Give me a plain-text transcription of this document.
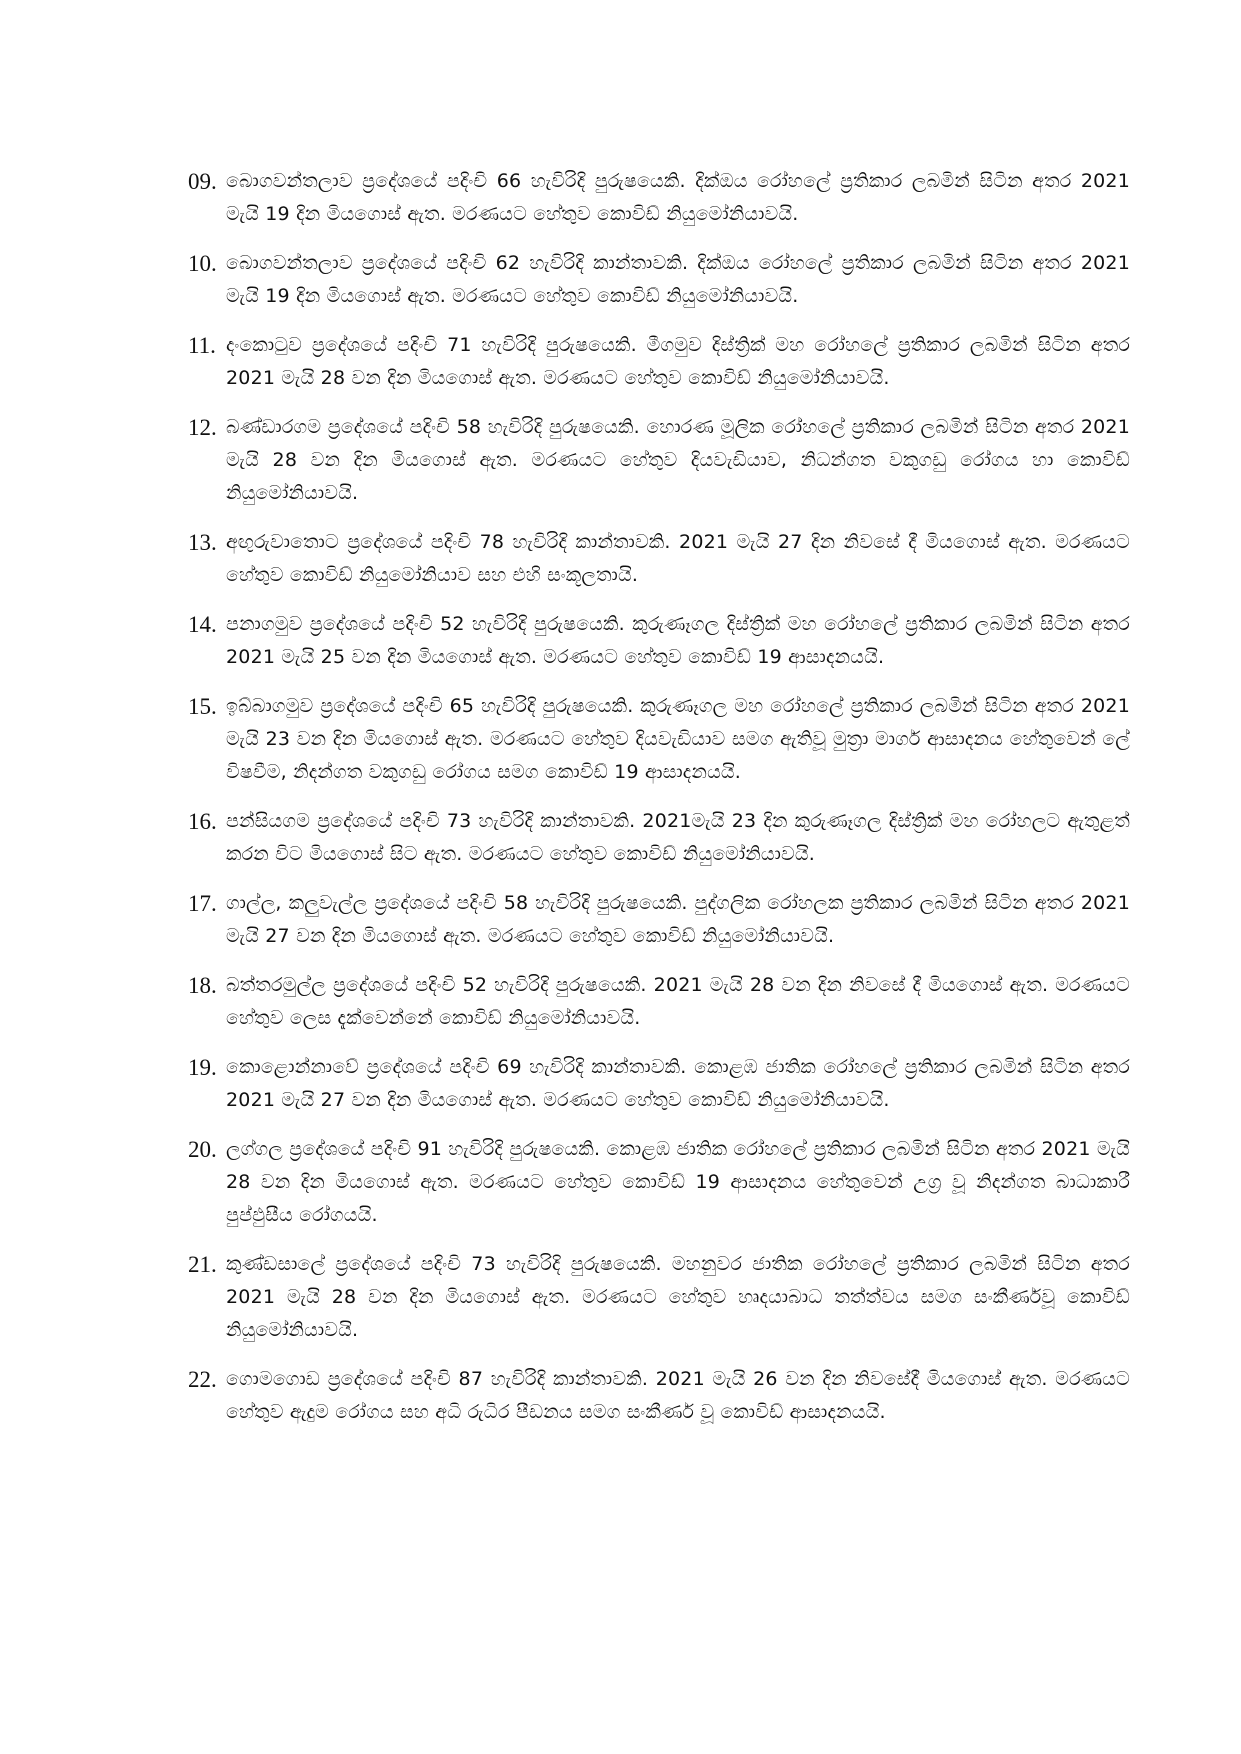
09. බොගවන්තලාව ප්‍රදේශයේ පදිංචි 66 හැවිරිදි පුරුෂයෙකි. දික්ඔය රෝහලේ ප්‍රතිකාර ලබමින් සිටින අතර 2021 මැයි 19 දින මියගොස් ඇත. මරණයට හේතුව කොවිඩ් නියුමෝනියාවයි.
10. බොගවන්තලාව ප්‍රදේශයේ පදිංචි 62 හැවිරිදි කාන්තාවකි. දික්ඔය රෝහලේ ප්‍රතිකාර ලබමින් සිටින අතර 2021 මැයි 19 දින මියගොස් ඇත. මරණයට හේතුව කොවිඩ් නියුමෝනියාවයි.
11. දංකොටුව ප්‍රදේශයේ පදිංචි 71 හැවිරිදි පුරුෂයෙකි. මීගමුව දිස්ත්‍රික් මහ රෝහලේ ප්‍රතිකාර ලබමින් සිටින අතර 2021 මැයි 28 වන දින මියගොස් ඇත. මරණයට හේතුව කොවිඩ් නියුමෝනියාවයි.
12. බණ්ඩාරගම ප්‍රදේශයේ පදිංචි 58 හැවිරිදි පුරුෂයෙකි. හොරණ මූලික රෝහලේ ප්‍රතිකාර ලබමින් සිටින අතර 2021 මැයි 28 වන දින මියගොස් ඇත. මරණයට හේතුව දියවැඩියාව, නිධන්ගත වකුගඩු රෝගය හා කොවිඩ් නියුමෝනියාවයි.
13. අඟුරුවාතොට ප්‍රදේශයේ පදිංචි 78 හැවිරිදි කාන්තාවකි. 2021 මැයි 27 දින නිවසේ දී මියගොස් ඇත. මරණයට හේතුව කොවිඩ් නියුමෝනියාව සහ එහි සංකූලතායි.
14. පනාගමුව ප්‍රදේශයේ පදිංචි 52 හැවිරිදි පුරුෂයෙකි. කුරුණෑගල දිස්ත්‍රික් මහ රෝහලේ ප්‍රතිකාර ලබමින් සිටින අතර 2021 මැයි 25 වන දින මියගොස් ඇත. මරණයට හේතුව කොවිඩ් 19 ආසාදනයයි.
15. ඉබ්බාගමුව ප්‍රදේශයේ පදිංචි 65 හැවිරිදි පුරුෂයෙකි. කුරුණෑගල මහ රෝහලේ ප්‍රතිකාර ලබමින් සිටින අතර 2021 මැයි 23 වන දින මියගොස් ඇත. මරණයට හේතුව දියවැඩියාව සමග ඇතිවූ මුත්‍රා මාර්ග ආසාදනය හේතුවෙන් ලේ විෂවීම, නිදන්ගත වකුගඩු රෝගය සමග කොවිඩ් 19 ආසාදනයයි.
16. පන්සියගම ප්‍රදේශයේ පදිංචි 73 හැවිරිදි කාන්තාවකි. 2021මැයි 23 දින කුරුණෑගල දිස්ත්‍රික් මහ රෝහලට ඇතුළත් කරන විට මියගොස් සිට ඇත. මරණයට හේතුව කොවිඩ් නියුමෝනියාවයි.
17. ගාල්ල, කලුවැල්ල ප්‍රදේශයේ පදිංචි 58 හැවිරිදි පුරුෂයෙකි. පුද්ගලික රෝහලක ප්‍රතිකාර ලබමින් සිටින අතර 2021 මැයි 27 වන දින මියගොස් ඇත. මරණයට හේතුව කොවිඩ් නියුමෝනියාවයි.
18. බත්තරමුල්ල ප්‍රදේශයේ පදිංචි 52 හැවිරිදි පුරුෂයෙකි. 2021 මැයි 28 වන දින නිවසේ දී මියගොස් ඇත. මරණයට හේතුව ලෙස දැක්වෙන්නේ කොවිඩ් නියුමෝනියාවයි.
19. කොළොන්නාවේ ප්‍රදේශයේ පදිංචි 69 හැවිරිදි කාන්තාවකි. කොළඹ ජාතික රෝහලේ ප්‍රතිකාර ලබමින් සිටින අතර 2021 මැයි 27 වන දින මියගොස් ඇත. මරණයට හේතුව කොවිඩ් නියුමෝනියාවයි.
20. ලග්ගල ප්‍රදේශයේ පදිංචි 91 හැවිරිදි පුරුෂයෙකි. කොළඹ ජාතික රෝහලේ ප්‍රතිකාර ලබමින් සිටින අතර 2021 මැයි 28 වන දින මියගොස් ඇත. මරණයට හේතුව කොවිඩ් 19 ආසාදනය හේතුවෙන් උග්‍ර වූ නිදන්ගත බාධාකාරී පුප්ඵුසීය රෝගයයි.
21. කුණ්ඩසාලේ ප්‍රදේශයේ පදිංචි 73 හැවිරිදි පුරුෂයෙකි. මහනුවර ජාතික රෝහලේ ප්‍රතිකාර ලබමින් සිටින අතර 2021 මැයි 28 වන දින මියගොස් ඇත. මරණයට හේතුව හෘදයාබාධ තත්ත්වය සමග සංකීර්ණවූ කොවිඩ් නියුමෝනියාවයි.
22. ගොමගොඩ ප්‍රදේශයේ පදිංචි 87 හැවිරිදි කාන්තාවකි. 2021 මැයි 26 වන දින නිවසේදී මියගොස් ඇත. මරණයට හේතුව ඇදුම රෝගය සහ අධි රුධිර පීඩනය සමග සංකීර්ණ වූ කොවිඩ් ආසාදනයයි.
